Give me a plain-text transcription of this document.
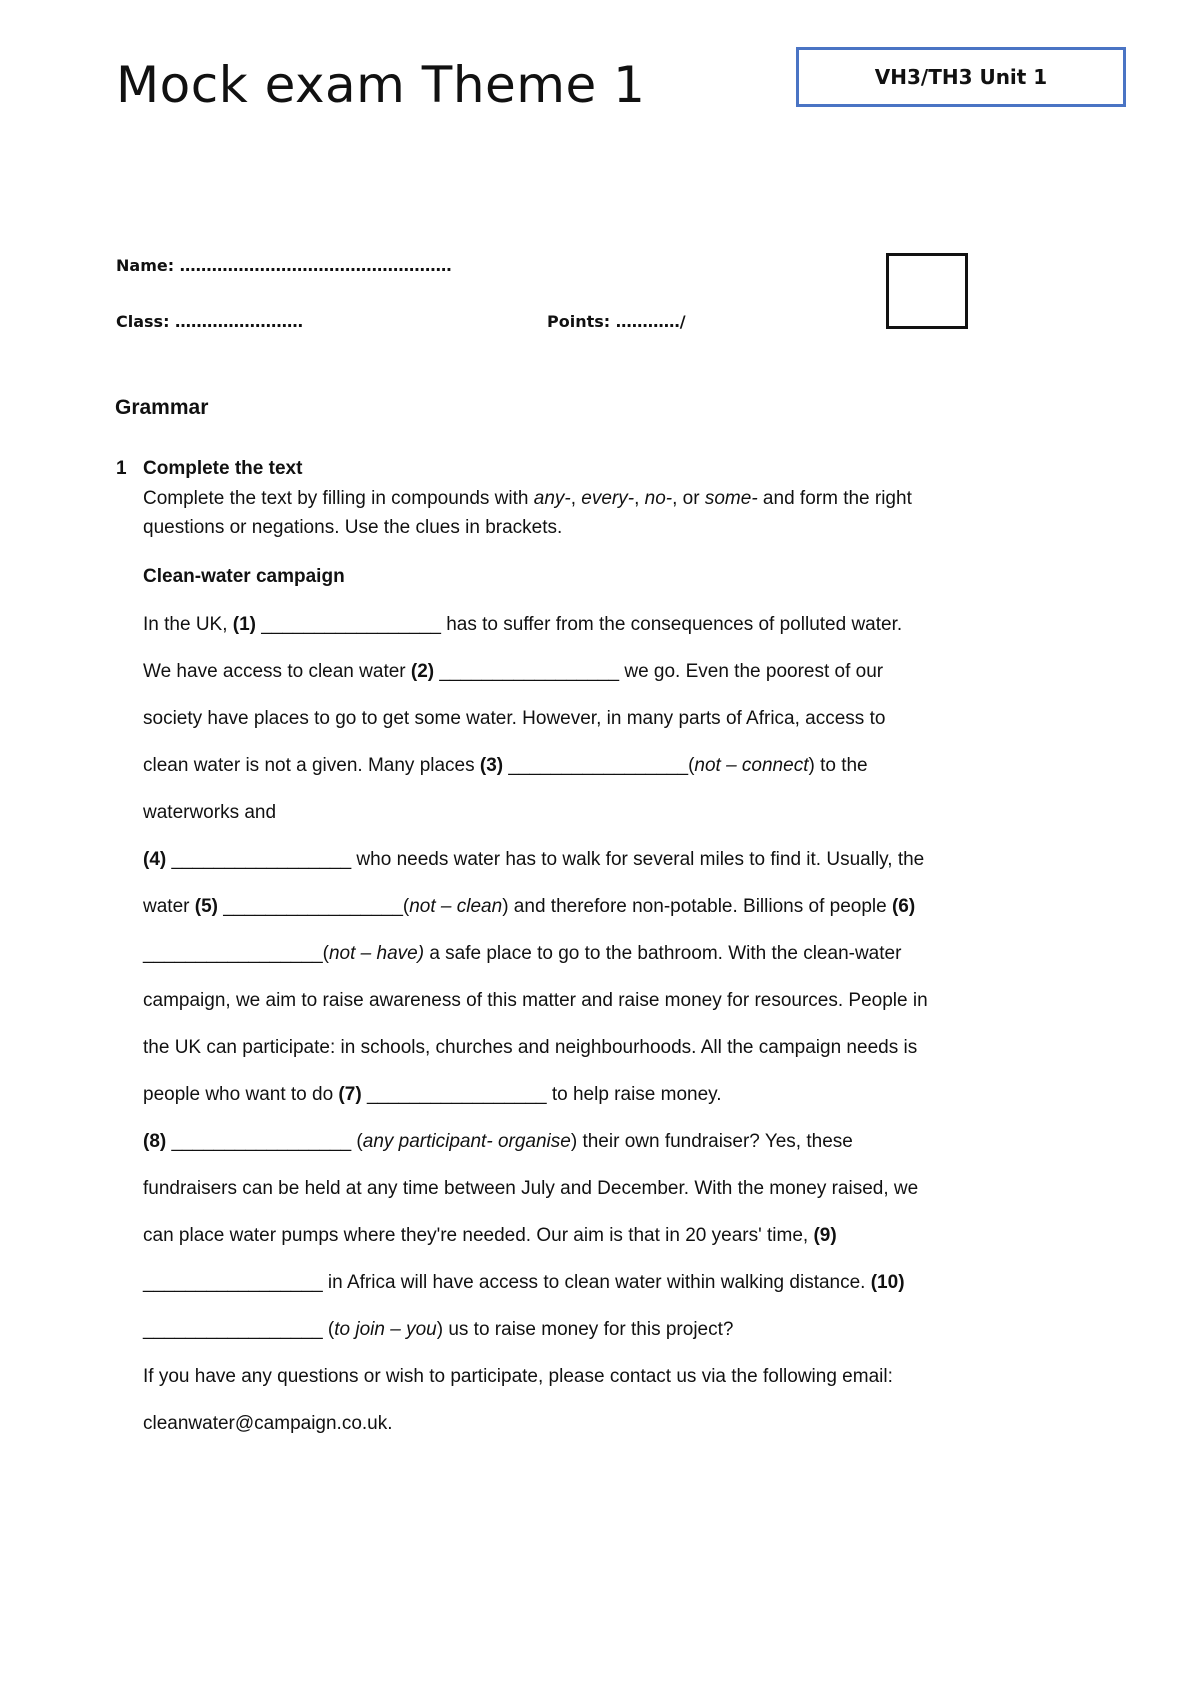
Mock exam Theme 1	VH3/TH3 Unit 1
Name: ……………………………………………
Class: ……………………	Points: …………/
Grammar
1 Complete the text
Complete the text by filling in compounds with any-, every-, no-, or some- and form the right questions or negations. Use the clues in brackets.
Clean-water campaign
In the UK, (1) _________________ has to suffer from the consequences of polluted water.
We have access to clean water (2) _________________ we go. Even the poorest of our
society have places to go to get some water. However, in many parts of Africa, access to
clean water is not a given. Many places (3) _________________(not – connect) to the
waterworks and
(4) _________________ who needs water has to walk for several miles to find it. Usually, the
water (5) _________________(not – clean) and therefore non-potable. Billions of people (6)
_________________(not – have) a safe place to go to the bathroom. With the clean-water
campaign, we aim to raise awareness of this matter and raise money for resources. People in
the UK can participate: in schools, churches and neighbourhoods. All the campaign needs is
people who want to do (7) _________________ to help raise money.
(8) _________________ (any participant- organise) their own fundraiser? Yes, these
fundraisers can be held at any time between July and December. With the money raised, we
can place water pumps where they're needed. Our aim is that in 20 years' time, (9)
_________________ in Africa will have access to clean water within walking distance. (10)
_________________ (to join – you) us to raise money for this project?
If you have any questions or wish to participate, please contact us via the following email:
cleanwater@campaign.co.uk.
